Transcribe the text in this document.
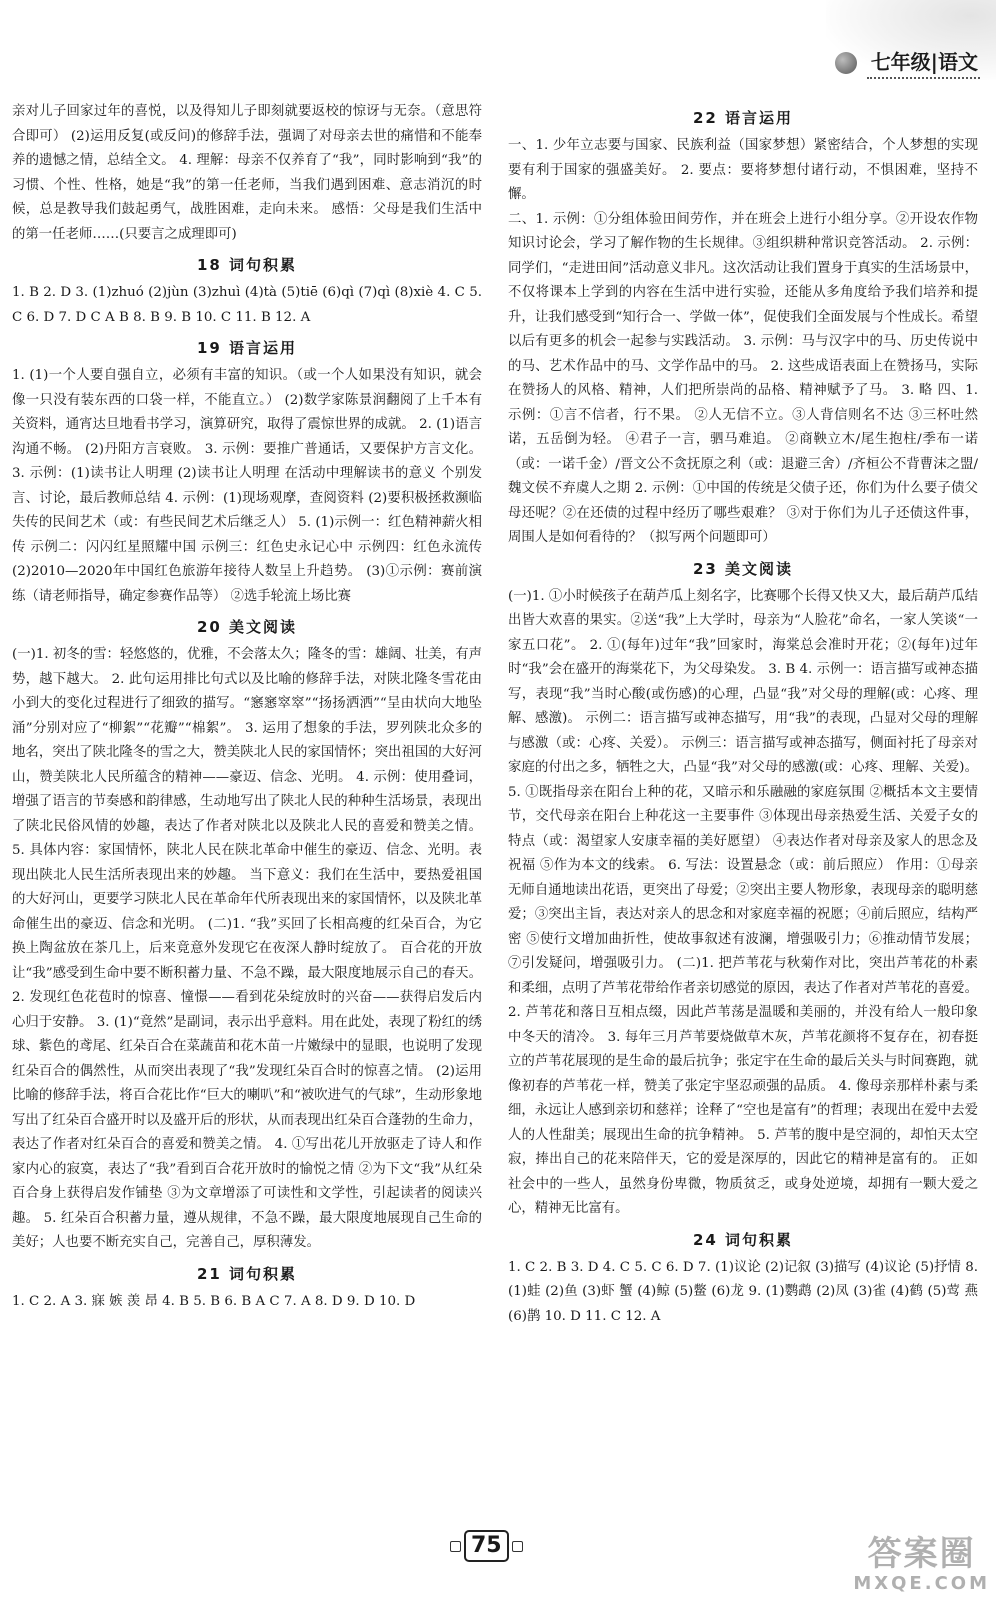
七年级|语文

亲对儿子回家过年的喜悦，以及得知儿子即刻就要返校的惊讶与无奈。（意思符合即可） (2)运用反复(或反问)的修辞手法，强调了对母亲去世的痛惜和不能奉养的遗憾之情，总结全文。 4. 理解：母亲不仅养育了“我”，同时影响到“我”的习惯、个性、性格，她是“我”的第一任老师，当我们遇到困难、意志消沉的时候，总是教导我们鼓起勇气，战胜困难，走向未来。 感悟：父母是我们生活中的第一任老师……(只要言之成理即可)

18 词句积累

1. B 2. D 3. (1)zhuó (2)jùn (3)zhuì (4)tà (5)tiē (6)qì (7)qì (8)xiè 4. C 5. C 6. D 7. D C A B 8. B 9. B 10. C 11. B 12. A

19 语言运用

1. (1)一个人要自强自立，必须有丰富的知识。（或一个人如果没有知识，就会像一只没有装东西的口袋一样，不能直立。） (2)数学家陈景润翻阅了上千本有关资料，通宵达旦地看书学习，演算研究，取得了震惊世界的成就。 2. (1)语言沟通不畅。 (2)丹阳方言衰败。 3. 示例：要推广普通话，又要保护方言文化。 3. 示例：(1)读书让人明理 (2)读书让人明理 在活动中理解读书的意义 个别发言、讨论，最后教师总结 4. 示例：(1)现场观摩，查阅资料 (2)要积极拯救濒临失传的民间艺术（或：有些民间艺术后继乏人） 5. (1)示例一：红色精神薪火相传 示例二：闪闪红星照耀中国 示例三：红色史永记心中 示例四：红色永流传 (2)2010—2020年中国红色旅游年接待人数呈上升趋势。 (3)①示例：赛前演练（请老师指导，确定参赛作品等） ②选手轮流上场比赛

20 美文阅读

(一)1. 初冬的雪：轻悠悠的，优雅，不会落太久；隆冬的雪：雄阔、壮美，有声势，越下越大。 2. 此句运用排比句式以及比喻的修辞手法，对陕北隆冬雪花由小到大的变化过程进行了细致的描写。“窸窸窣窣”“扬扬洒洒”“呈由状向大地坠涌”分别对应了“柳絮”“花瓣”“棉絮”。 3. 运用了想象的手法，罗列陕北众多的地名，突出了陕北隆冬的雪之大，赞美陕北人民的家国情怀；突出祖国的大好河山，赞美陕北人民所蕴含的精神——豪迈、信念、光明。 4. 示例：使用叠词，增强了语言的节奏感和韵律感，生动地写出了陕北人民的种种生活场景，表现出了陕北民俗风情的妙趣，表达了作者对陕北以及陕北人民的喜爱和赞美之情。 5. 具体内容：家国情怀，陕北人民在陕北革命中催生的豪迈、信念、光明。表现出陕北人民生活所表现出来的妙趣。 当下意义：我们在生活中，要热爱祖国的大好河山，更要学习陕北人民在革命年代所表现出来的家国情怀，以及陕北革命催生出的豪迈、信念和光明。 (二)1. “我”买回了长相高瘦的红朵百合，为它换上陶盆放在茶几上，后来竟意外发现它在夜深人静时绽放了。 百合花的开放让“我”感受到生命中要不断积蓄力量、不急不躁，最大限度地展示自己的春天。 2. 发现红色花苞时的惊喜、憧憬——看到花朵绽放时的兴奋——获得启发后内心归于安静。 3. (1)“竟然”是副词，表示出乎意料。用在此处，表现了粉红的绣球、紫色的鸢尾、红朵百合在菜蔬苗和花木苗一片嫩绿中的显眼，也说明了发现红朵百合的偶然性，从而突出表现了“我”发现红朵百合时的惊喜之情。 (2)运用比喻的修辞手法，将百合花比作“巨大的喇叭”和“被吹进气的气球”，生动形象地写出了红朵百合盛开时以及盛开后的形状，从而表现出红朵百合蓬勃的生命力，表达了作者对红朵百合的喜爱和赞美之情。 4. ①写出花儿开放驱走了诗人和作家内心的寂寞，表达了“我”看到百合花开放时的愉悦之情 ②为下文“我”从红朵百合身上获得启发作铺垫 ③为文章增添了可读性和文学性，引起读者的阅读兴趣。 5. 红朵百合积蓄力量，遵从规律，不急不躁，最大限度地展现自己生命的美好；人也要不断充实自己，完善自己，厚积薄发。

21 词句积累

1. C 2. A 3. 寐 嫉 羡 昂 4. B 5. B 6. B A C 7. A 8. D 9. D 10. D

22 语言运用

一、1. 少年立志要与国家、民族利益（国家梦想）紧密结合，个人梦想的实现要有利于国家的强盛美好。 2. 要点：要将梦想付诸行动，不惧困难，坚持不懈。

二、1. 示例：①分组体验田间劳作，并在班会上进行小组分享。②开设农作物知识讨论会，学习了解作物的生长规律。③组织耕种常识竞答活动。 2. 示例：同学们，“走进田间”活动意义非凡。这次活动让我们置身于真实的生活场景中，不仅将课本上学到的内容在生活中进行实验，还能从多角度给予我们培养和提升，让我们感受到“知行合一、学做一体”，促使我们全面发展与个性成长。希望以后有更多的机会一起参与实践活动。 3. 示例：马与汉字中的马、历史传说中的马、艺术作品中的马、文学作品中的马。 2. 这些成语表面上在赞扬马，实际在赞扬人的风格、精神，人们把所崇尚的品格、精神赋予了马。 3. 略 四、1. 示例：①言不信者，行不果。 ②人无信不立。③人背信则名不达 ③三杯吐然诺，五岳倒为轻。 ④君子一言，驷马难追。 ②商鞅立木/尾生抱柱/季布一诺（或：一诺千金）/晋文公不贪抚原之利（或：退避三舍）/齐桓公不背曹沫之盟/魏文侯不弃虞人之期 2. 示例：①中国的传统是父债子还，你们为什么要子债父母还呢？②在还债的过程中经历了哪些艰难？ ③对于你们为儿子还债这件事，周围人是如何看待的？（拟写两个问题即可）

23 美文阅读

(一)1. ①小时候孩子在葫芦瓜上刻名字，比赛哪个长得又快又大，最后葫芦瓜结出皆大欢喜的果实。②送“我”上大学时，母亲为“人脸花”命名，一家人笑谈“一家五口花”。 2. ①(每年)过年“我”回家时，海棠总会准时开花；②(每年)过年时“我”会在盛开的海棠花下，为父母染发。 3. B 4. 示例一：语言描写或神态描写，表现“我”当时心酸(或伤感)的心理，凸显“我”对父母的理解(或：心疼、理解、感激)。 示例二：语言描写或神态描写，用“我”的表现，凸显对父母的理解与感激（或：心疼、关爱）。 示例三：语言描写或神态描写，侧面衬托了母亲对家庭的付出之多，牺牲之大，凸显“我”对父母的感激(或：心疼、理解、关爱)。 5. ①既指母亲在阳台上种的花，又暗示和乐融融的家庭氛围 ②概括本文主要情节，交代母亲在阳台上种花这一主要事件 ③体现出母亲热爱生活、关爱子女的特点（或：渴望家人安康幸福的美好愿望） ④表达作者对母亲及家人的思念及祝福 ⑤作为本文的线索。 6. 写法：设置悬念（或：前后照应） 作用：①母亲无师自通地读出花语，更突出了母爱；②突出主要人物形象，表现母亲的聪明慈爱；③突出主旨，表达对亲人的思念和对家庭幸福的祝愿；④前后照应，结构严密 ⑤使行文增加曲折性，使故事叙述有波澜，增强吸引力；⑥推动情节发展；⑦引发疑问，增强吸引力。 (二)1. 把芦苇花与秋菊作对比，突出芦苇花的朴素和柔细，点明了芦苇花带给作者亲切感觉的原因，表达了作者对芦苇花的喜爱。 2. 芦苇花和落日互相点缀，因此芦苇荡是温暖和美丽的，并没有给人一般印象中冬天的清冷。 3. 每年三月芦苇要烧做草木灰，芦苇花颜将不复存在，初春挺立的芦苇花展现的是生命的最后抗争；张定宇在生命的最后关头与时间赛跑，就像初春的芦苇花一样，赞美了张定宇坚忍顽强的品质。 4. 像母亲那样朴素与柔细，永远让人感到亲切和慈祥；诠释了“空也是富有”的哲理；表现出在爱中去爱人的人性甜美；展现出生命的抗争精神。 5. 芦苇的腹中是空洞的，却怕天太空寂，捧出自己的花来陪伴天，它的爱是深厚的，因此它的精神是富有的。 正如社会中的一些人，虽然身份卑微，物质贫乏，或身处逆境，却拥有一颗大爱之心，精神无比富有。

24 词句积累

1. C 2. B 3. D 4. C 5. C 6. D 7. (1)议论 (2)记叙 (3)描写 (4)议论 (5)抒情 8. (1)蛙 (2)鱼 (3)虾 蟹 (4)鲸 (5)鳖 (6)龙 9. (1)鹦鹉 (2)凤 (3)雀 (4)鹤 (5)莺 燕 (6)鹊 10. D 11. C 12. A

75	答案圈
MXQE.COM
